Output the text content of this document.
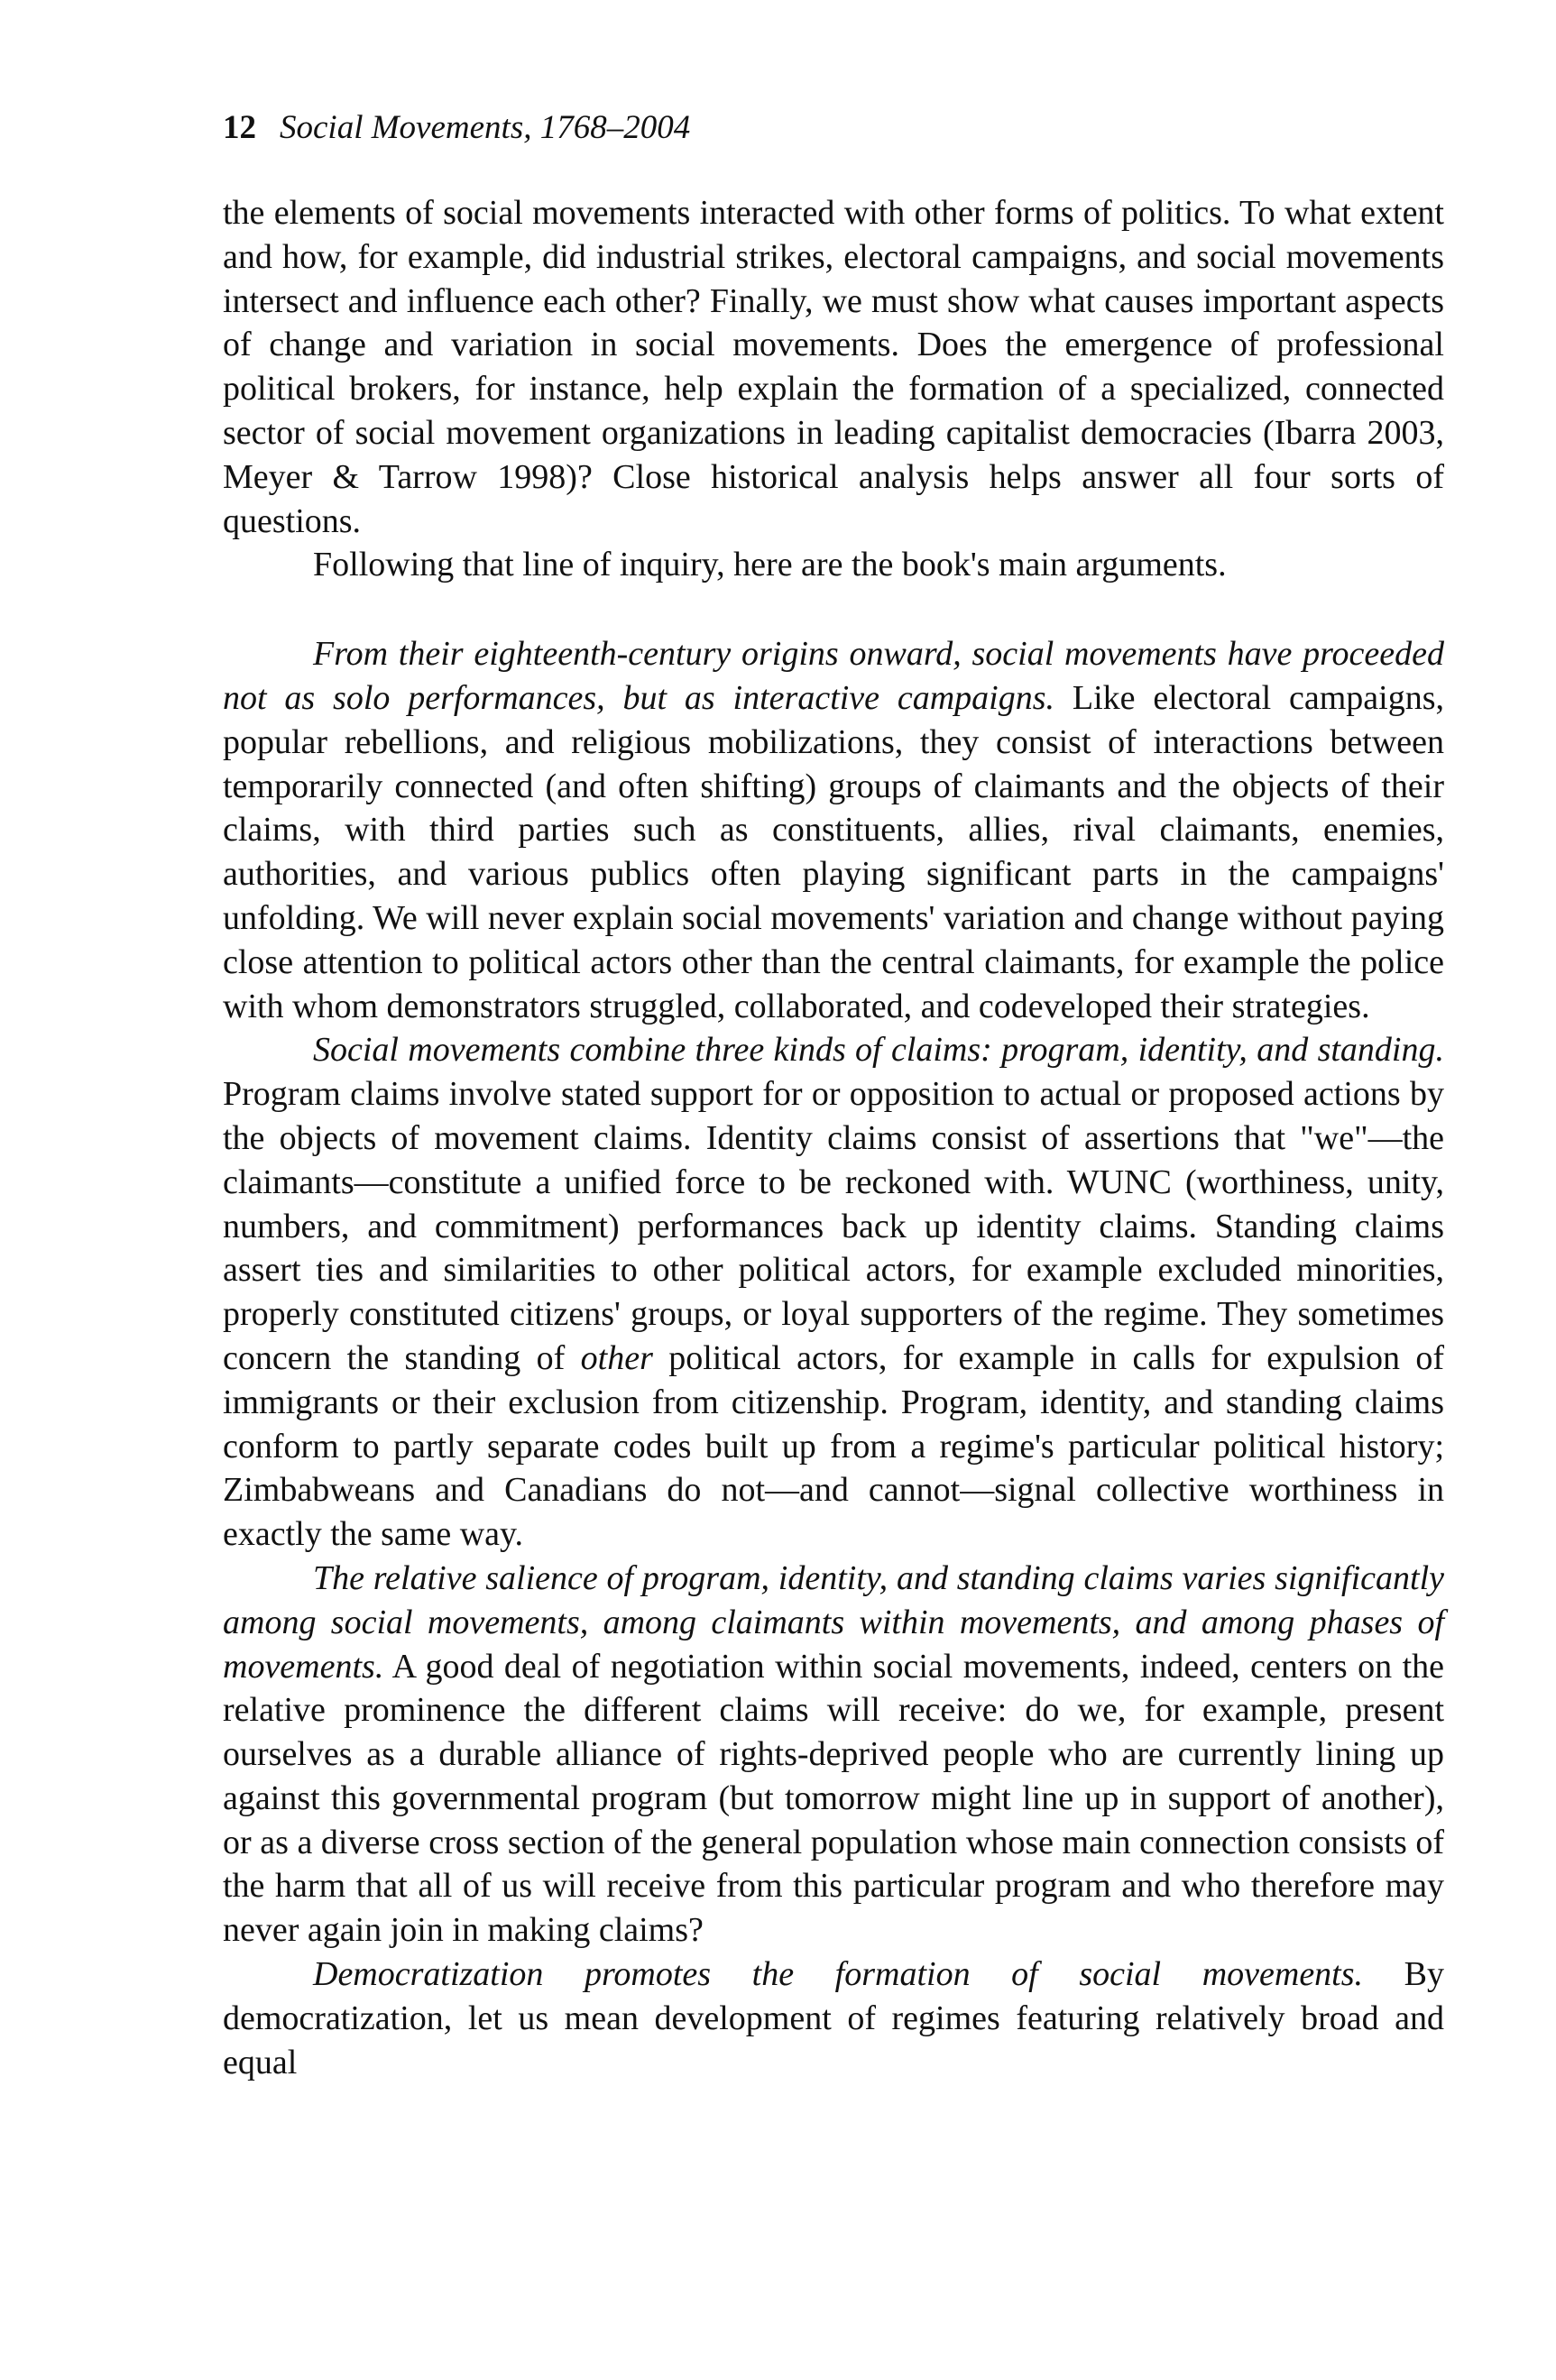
12 Social Movements, 1768–2004

the elements of social movements interacted with other forms of politics. To what extent and how, for example, did industrial strikes, electoral campaigns, and social movements intersect and influence each other? Finally, we must show what causes important aspects of change and variation in social movements. Does the emergence of professional political brokers, for instance, help explain the formation of a specialized, connected sector of social movement organizations in leading capitalist democracies (Ibarra 2003, Meyer & Tarrow 1998)? Close historical analysis helps answer all four sorts of questions.

Following that line of inquiry, here are the book's main arguments.

From their eighteenth-century origins onward, social movements have proceeded not as solo performances, but as interactive campaigns. Like electoral campaigns, popular rebellions, and religious mobilizations, they consist of interactions between temporarily connected (and often shifting) groups of claimants and the objects of their claims, with third parties such as constituents, allies, rival claimants, enemies, authorities, and various publics often playing significant parts in the campaigns' unfolding. We will never explain social movements' variation and change without paying close attention to political actors other than the central claimants, for example the police with whom demonstrators struggled, collaborated, and codeveloped their strategies.

Social movements combine three kinds of claims: program, identity, and standing. Program claims involve stated support for or opposition to actual or proposed actions by the objects of movement claims. Identity claims consist of assertions that "we"—the claimants—constitute a unified force to be reckoned with. WUNC (worthiness, unity, numbers, and commitment) performances back up identity claims. Standing claims assert ties and similarities to other political actors, for example excluded minorities, properly constituted citizens' groups, or loyal supporters of the regime. They sometimes concern the standing of other political actors, for example in calls for expulsion of immigrants or their exclusion from citizenship. Program, identity, and standing claims conform to partly separate codes built up from a regime's particular political history; Zimbabweans and Canadians do not—and cannot—signal collective worthiness in exactly the same way.

The relative salience of program, identity, and standing claims varies significantly among social movements, among claimants within movements, and among phases of movements. A good deal of negotiation within social movements, indeed, centers on the relative prominence the different claims will receive: do we, for example, present ourselves as a durable alliance of rights-deprived people who are currently lining up against this governmental program (but tomorrow might line up in support of another), or as a diverse cross section of the general population whose main connection consists of the harm that all of us will receive from this particular program and who therefore may never again join in making claims?

Democratization promotes the formation of social movements. By democratization, let us mean development of regimes featuring relatively broad and equal
